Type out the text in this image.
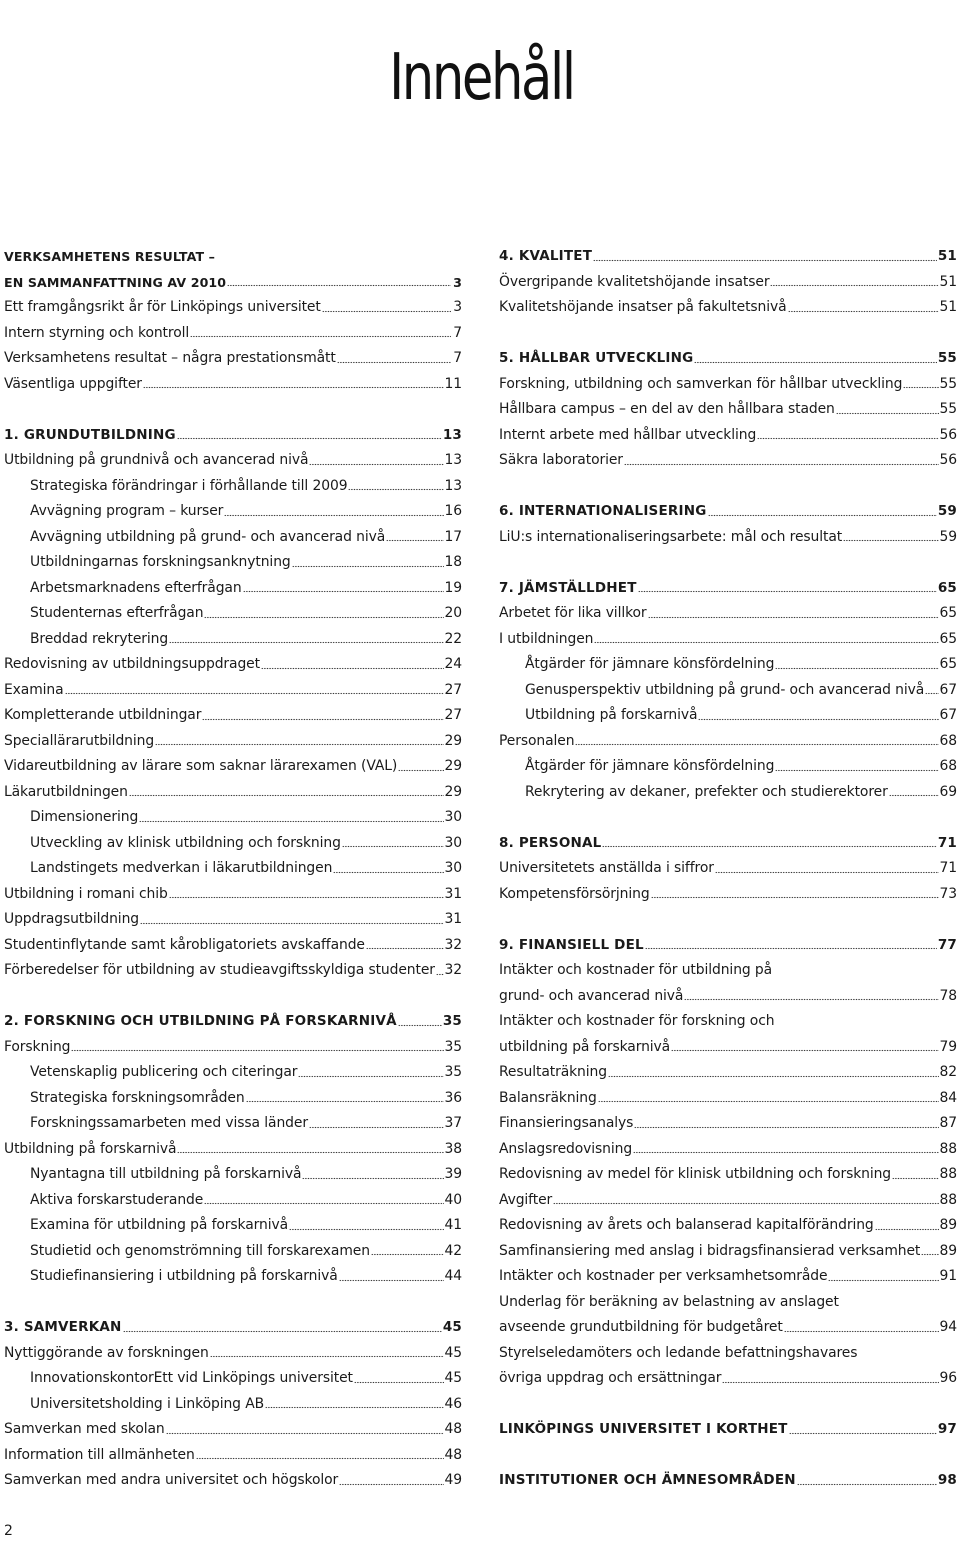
Innehåll
VERKSAMHETENS RESULTAT –
EN SAMMANFATTNING AV 2010	3
Ett framgångsrikt år för Linköpings universitet	3
Intern styrning och kontroll	7
Verksamhetens resultat – några prestationsmått	7
Väsentliga uppgifter	11
1. GRUNDUTBILDNING	13
Utbildning på grundnivå och avancerad nivå	13
Strategiska förändringar i förhållande till 2009	13
Avvägning program – kurser	16
Avvägning utbildning på grund- och avancerad nivå	17
Utbildningarnas forskningsanknytning	18
Arbetsmarknadens efterfrågan	19
Studenternas efterfrågan	20
Breddad rekrytering	22
Redovisning av utbildningsuppdraget	24
Examina	27
Kompletterande utbildningar	27
Speciallärarutbildning	29
Vidareutbildning av lärare som saknar lärarexamen (VAL)	29
Läkarutbildningen	29
Dimensionering	30
Utveckling av klinisk utbildning och forskning	30
Landstingets medverkan i läkarutbildningen	30
Utbildning i romani chib	31
Uppdragsutbildning	31
Studentinflytande samt kårobligatoriets avskaffande	32
Förberedelser för utbildning av studieavgiftsskyldiga studenter 32
2. FORSKNING OCH UTBILDNING PÅ FORSKARNIVÅ	35
Forskning	35
Vetenskaplig publicering och citeringar	35
Strategiska forskningsområden	36
Forskningssamarbeten med vissa länder	37
Utbildning på forskarnivå	38
Nyantagna till utbildning på forskarnivå	39
Aktiva forskarstuderande	40
Examina för utbildning på forskarnivå	41
Studietid och genomströmning till forskarexamen	42
Studiefinansiering i utbildning på forskarnivå	44
3. SAMVERKAN	45
Nyttiggörande av forskningen	45
InnovationskontorEtt vid Linköpings universitet	45
Universitetsholding i Linköping AB	46
Samverkan med skolan	48
Information till allmänheten	48
Samverkan med andra universitet och högskolor	49
4. KVALITET	51
Övergripande kvalitetshöjande insatser	51
Kvalitetshöjande insatser på fakultetsnivå	51
5. HÅLLBAR UTVECKLING	55
Forskning, utbildning och samverkan för hållbar utveckling	55
Hållbara campus – en del av den hållbara staden	55
Internt arbete med hållbar utveckling	56
Säkra laboratorier	56
6. INTERNATIONALISERING	59
LiU:s internationaliseringsarbete: mål och resultat	59
7. JÄMSTÄLLDHET	65
Arbetet för lika villkor	65
I utbildningen	65
Åtgärder för jämnare könsfördelning	65
Genusperspektiv utbildning på grund- och avancerad nivå 67
Utbildning på forskarnivå	67
Personalen	68
Åtgärder för jämnare könsfördelning	68
Rekrytering av dekaner, prefekter och studierektorer	69
8. PERSONAL	71
Universitetets anställda i siffror	71
Kompetensförsörjning	73
9. FINANSIELL DEL	77
Intäkter och kostnader för utbildning på
grund- och avancerad nivå	78
Intäkter och kostnader för forskning och
utbildning på forskarnivå	79
Resultaträkning	82
Balansräkning	84
Finansieringsanalys	87
Anslagsredovisning	88
Redovisning av medel för klinisk utbildning och forskning	88
Avgifter	88
Redovisning av årets och balanserad kapitalförändring	89
Samfinansiering med anslag i bidragsfinansierad verksamhet 89
Intäkter och kostnader per verksamhetsområde	91
Underlag för beräkning av belastning av anslaget
avseende grundutbildning för budgetåret	94
Styrelseledamöters och ledande befattningshavares
övriga uppdrag och ersättningar	96
LINKÖPINGS UNIVERSITET I KORTHET	97
INSTITUTIONER OCH ÄMNESOMRÅDEN	98
2
